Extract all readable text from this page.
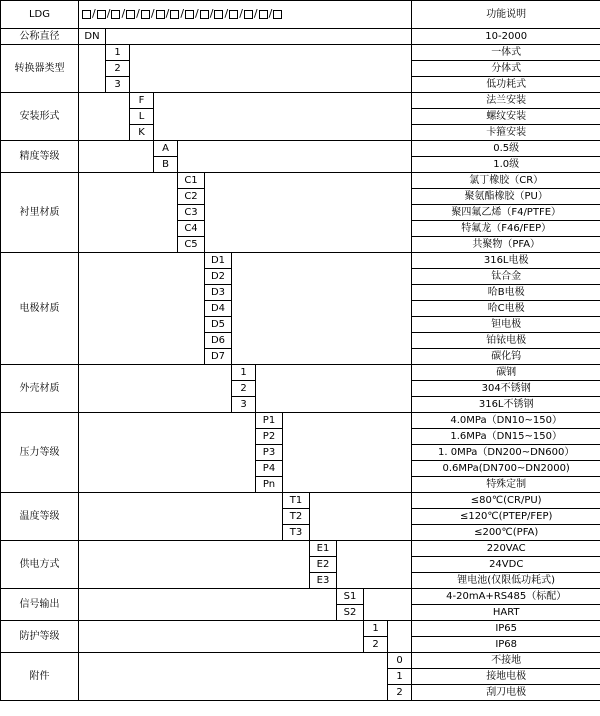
LDG	/ / / / / / / / / / / / /	功能说明
公称直径	DN													10-2000
转换器类型		1												一体式
		2												分体式
		3												低功耗式
安装形式			F											法兰安装
			L											螺纹安装
			K											卡箍安装
精度等级				A										0.5级
				B										1.0级
衬里材质					C1									氯丁橡胶（CR）
					C2									聚氨酯橡胶（PU）
					C3									聚四氟乙烯（F4/PTFE）
					C4									特氟龙（F46/FEP）
					C5									共聚物（PFA）
电极材质						D1								316L电极
						D2								钛合金
						D3								哈B电极
						D4								哈C电极
						D5								钽电极
						D6								铂铱电极
						D7								碳化钨
外壳材质							1							碳钢
							2							304不锈钢
							3							316L不锈钢
压力等级								P1						4.0MPa（DN10~150）
								P2						1.6MPa（DN15~150）
								P3						1. 0MPa（DN200~DN600）
								P4						0.6MPa(DN700~DN2000)
								Pn						特殊定制
温度等级									T1					≤80℃(CR/PU)
									T2					≤120℃(PTEP/FEP)
									T3					≤200℃(PFA)
供电方式										E1				220VAC
										E2				24VDC
										E3				锂电池(仅限低功耗式)
信号输出											S1			4-20mA+RS485（标配）
											S2			HART
防护等级												1		IP65
												2		IP68
附件													0	不接地
													1	接地电极
													2	刮刀电极
